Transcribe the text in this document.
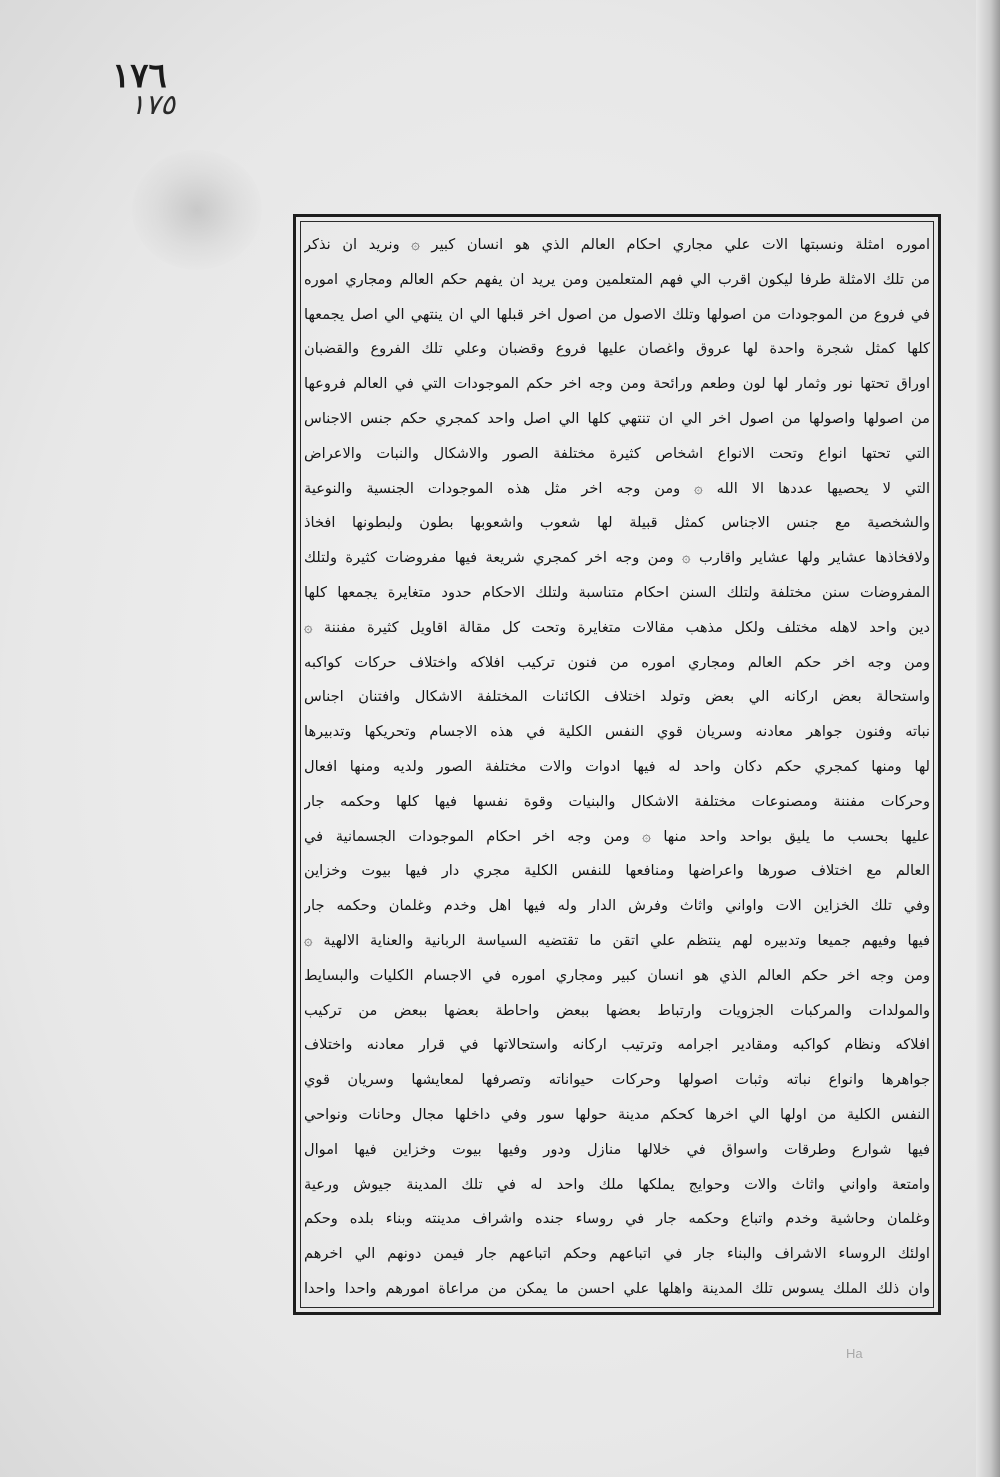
١٧٦
١٧٥
اموره امثلة ونسبتها الات علي مجاري احكام العالم الذي هو انسان كبير ۞ ونريد ان نذكر
من تلك الامثلة طرفا ليكون اقرب الي فهم المتعلمين ومن يريد ان يفهم حكم العالم ومجاري اموره
في فروع من الموجودات من اصولها وتلك الاصول من اصول اخر قبلها الي ان ينتهي الي اصل يجمعها
كلها كمثل شجرة واحدة لها عروق واغصان عليها فروع وقضبان وعلي تلك الفروع والقضبان
اوراق تحتها نور وثمار لها لون وطعم ورائحة ومن وجه اخر حكم الموجودات التي في العالم فروعها
من اصولها واصولها من اصول اخر الي ان تنتهي كلها الي اصل واحد كمجري حكم جنس الاجناس
التي تحتها انواع وتحت الانواع اشخاص كثيرة مختلفة الصور والاشكال والنبات والاعراض
التي لا يحصيها عددها الا الله ۞ ومن وجه اخر مثل هذه الموجودات الجنسية والنوعية
والشخصية مع جنس الاجناس كمثل قبيلة لها شعوب واشعوبها بطون ولبطونها افخاذ
ولافخاذها عشاير ولها عشاير واقارب ۞ ومن وجه اخر كمجري شريعة فيها مفروضات كثيرة ولتلك
المفروضات سنن مختلفة ولتلك السنن احكام متناسبة ولتلك الاحكام حدود متغايرة يجمعها كلها
دين واحد لاهله مختلف ولكل مذهب مقالات متغايرة وتحت كل مقالة اقاويل كثيرة مفننة ۞
ومن وجه اخر حكم العالم ومجاري اموره من فنون تركيب افلاكه واختلاف حركات كواكبه
واستحالة بعض اركانه الي بعض وتولد اختلاف الكائنات المختلفة الاشكال وافتنان اجناس
نباته وفنون جواهر معادنه وسريان قوي النفس الكلية في هذه الاجسام وتحريكها وتدبيرها
لها ومنها كمجري حكم دكان واحد له فيها ادوات والات مختلفة الصور ولديه ومنها افعال
وحركات مفننة ومصنوعات مختلفة الاشكال والبنيات وقوة نفسها فيها كلها وحكمه جار
عليها بحسب ما يليق بواحد واحد منها ۞ ومن وجه اخر احكام الموجودات الجسمانية في
العالم مع اختلاف صورها واعراضها ومنافعها للنفس الكلية مجري دار فيها بيوت وخزاين
وفي تلك الخزاين الات واواني واثاث وفرش الدار وله فيها اهل وخدم وغلمان وحكمه جار
فيها وفيهم جميعا وتدبيره لهم ينتظم علي اتقن ما تقتضيه السياسة الربانية والعناية الالهية ۞
ومن وجه اخر حكم العالم الذي هو انسان كبير ومجاري اموره في الاجسام الكليات والبسايط
والمولدات والمركبات الجزويات وارتباط بعضها ببعض واحاطة بعضها ببعض من تركيب
افلاكه ونظام كواكبه ومقادير اجرامه وترتيب اركانه واستحالاتها في قرار معادنه واختلاف
جواهرها وانواع نباته وثبات اصولها وحركات حيواناته وتصرفها لمعايشها وسريان قوي
النفس الكلية من اولها الي اخرها كحكم مدينة حولها سور وفي داخلها مجال وحانات ونواحي
فيها شوارع وطرقات واسواق في خلالها منازل ودور وفيها بيوت وخزاين فيها اموال
وامتعة واواني واثاث والات وحوايج يملكها ملك واحد له في تلك المدينة جيوش ورعية
وغلمان وحاشية وخدم واتباع وحكمه جار في روساء جنده واشراف مدينته وبناء بلده وحكم
اولئك الروساء الاشراف والبناء جار في اتباعهم وحكم اتباعهم جار فيمن دونهم الي اخرهم
وان ذلك الملك يسوس تلك المدينة واهلها علي احسن ما يمكن من مراعاة امورهم واحدا واحدا
Ha
